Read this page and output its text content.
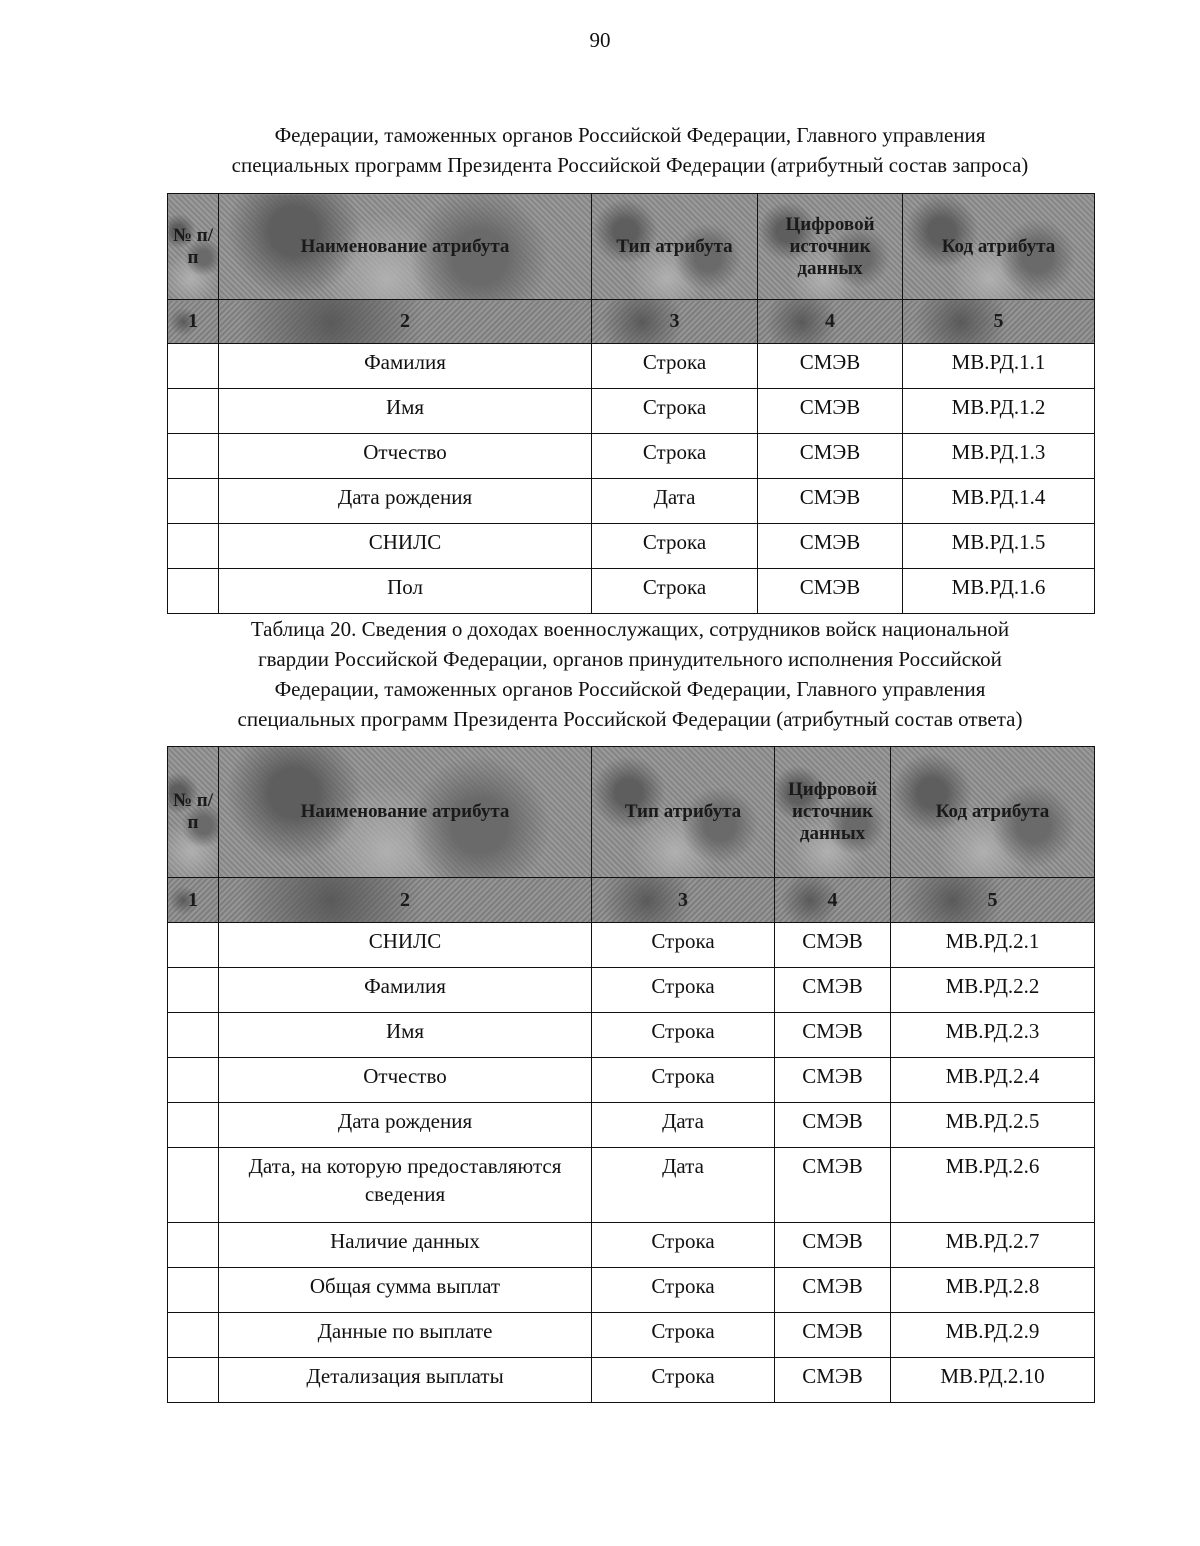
90
Федерации, таможенных органов Российской Федерации, Главного управления
специальных программ Президента Российской Федерации (атрибутный состав запроса)
№ п/п	Наименование атрибута	Тип атрибута	Цифровой источник данных	Код атрибута
1	2	3	4	5
	Фамилия	Строка	СМЭВ	МВ.РД.1.1
	Имя	Строка	СМЭВ	МВ.РД.1.2
	Отчество	Строка	СМЭВ	МВ.РД.1.3
	Дата рождения	Дата	СМЭВ	МВ.РД.1.4
	СНИЛС	Строка	СМЭВ	МВ.РД.1.5
	Пол	Строка	СМЭВ	МВ.РД.1.6
Таблица 20. Сведения о доходах военнослужащих, сотрудников войск национальной
гвардии Российской Федерации, органов принудительного исполнения Российской
Федерации, таможенных органов Российской Федерации, Главного управления
специальных программ Президента Российской Федерации (атрибутный состав ответа)
№ п/п	Наименование атрибута	Тип атрибута	Цифровой источник данных	Код атрибута
1	2	3	4	5
	СНИЛС	Строка	СМЭВ	МВ.РД.2.1
	Фамилия	Строка	СМЭВ	МВ.РД.2.2
	Имя	Строка	СМЭВ	МВ.РД.2.3
	Отчество	Строка	СМЭВ	МВ.РД.2.4
	Дата рождения	Дата	СМЭВ	МВ.РД.2.5
	Дата, на которую предоставляются сведения	Дата	СМЭВ	МВ.РД.2.6
	Наличие данных	Строка	СМЭВ	МВ.РД.2.7
	Общая сумма выплат	Строка	СМЭВ	МВ.РД.2.8
	Данные по выплате	Строка	СМЭВ	МВ.РД.2.9
	Детализация выплаты	Строка	СМЭВ	МВ.РД.2.10
